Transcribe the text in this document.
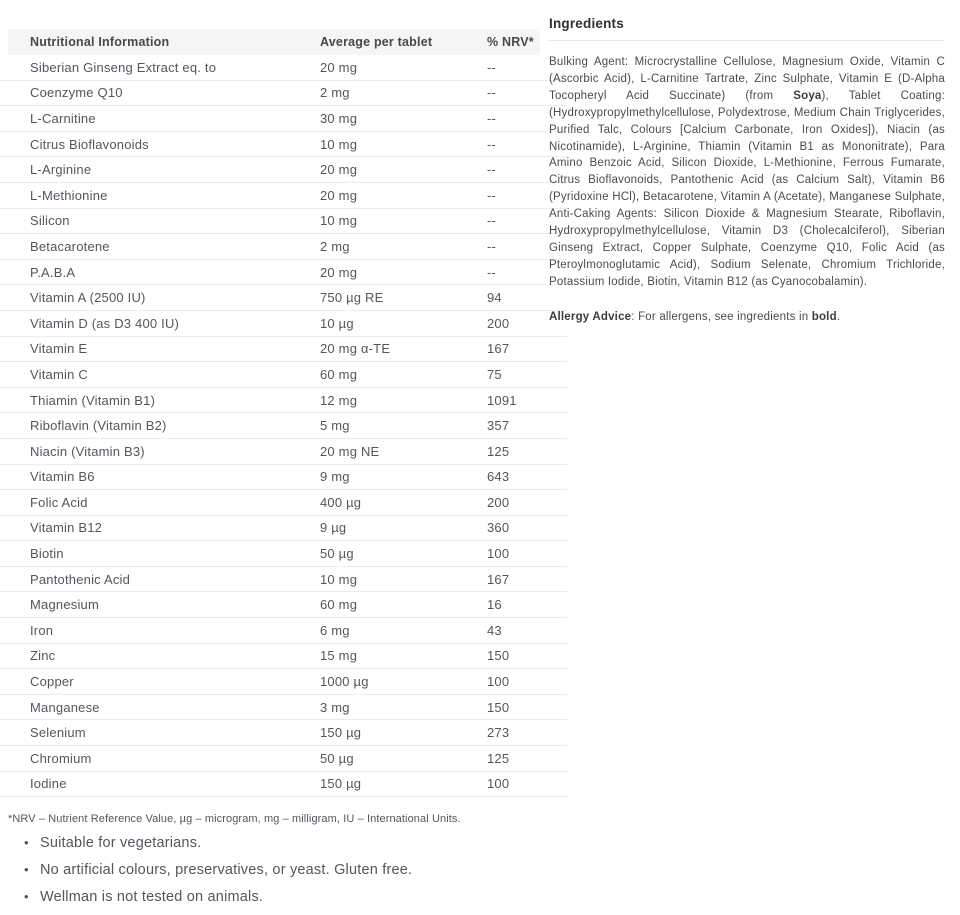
Nutritional Information	Average per tablet	% NRV*
Siberian Ginseng Extract eq. to	20 mg	--
Coenzyme Q10	2 mg	--
L-Carnitine	30 mg	--
Citrus Bioflavonoids	10 mg	--
L-Arginine	20 mg	--
L-Methionine	20 mg	--
Silicon	10 mg	--
Betacarotene	2 mg	--
P.A.B.A	20 mg	--
Vitamin A (2500 IU)	750 µg RE	94
Vitamin D (as D3 400 IU)	10 µg	200
Vitamin E	20 mg α-TE	167
Vitamin C	60 mg	75
Thiamin (Vitamin B1)	12 mg	1091
Riboflavin (Vitamin B2)	5 mg	357
Niacin (Vitamin B3)	20 mg NE	125
Vitamin B6	9 mg	643
Folic Acid	400 µg	200
Vitamin B12	9 µg	360
Biotin	50 µg	100
Pantothenic Acid	10 mg	167
Magnesium	60 mg	16
Iron	6 mg	43
Zinc	15 mg	150
Copper	1000 µg	100
Manganese	3 mg	150
Selenium	150 µg	273
Chromium	50 µg	125
Iodine	150 µg	100
*NRV – Nutrient Reference Value, µg – microgram, mg – milligram, IU – International Units.
• Suitable for vegetarians.
• No artificial colours, preservatives, or yeast. Gluten free.
• Wellman is not tested on animals.
Ingredients

Bulking Agent: Microcrystalline Cellulose, Magnesium Oxide, Vitamin C (Ascorbic Acid), L-Carnitine Tartrate, Zinc Sulphate, Vitamin E (D-Alpha Tocopheryl Acid Succinate) (from Soya), Tablet Coating: (Hydroxypropylmethylcellulose, Polydextrose, Medium Chain Triglycerides, Purified Talc, Colours [Calcium Carbonate, Iron Oxides]), Niacin (as Nicotinamide), L-Arginine, Thiamin (Vitamin B1 as Mononitrate), Para Amino Benzoic Acid, Silicon Dioxide, L-Methionine, Ferrous Fumarate, Citrus Bioflavonoids, Pantothenic Acid (as Calcium Salt), Vitamin B6 (Pyridoxine HCl), Betacarotene, Vitamin A (Acetate), Manganese Sulphate, Anti-Caking Agents: Silicon Dioxide & Magnesium Stearate, Riboflavin, Hydroxypropylmethylcellulose, Vitamin D3 (Cholecalciferol), Siberian Ginseng Extract, Copper Sulphate, Coenzyme Q10, Folic Acid (as Pteroylmonoglutamic Acid), Sodium Selenate, Chromium Trichloride, Potassium Iodide, Biotin, Vitamin B12 (as Cyanocobalamin).

Allergy Advice: For allergens, see ingredients in bold.
